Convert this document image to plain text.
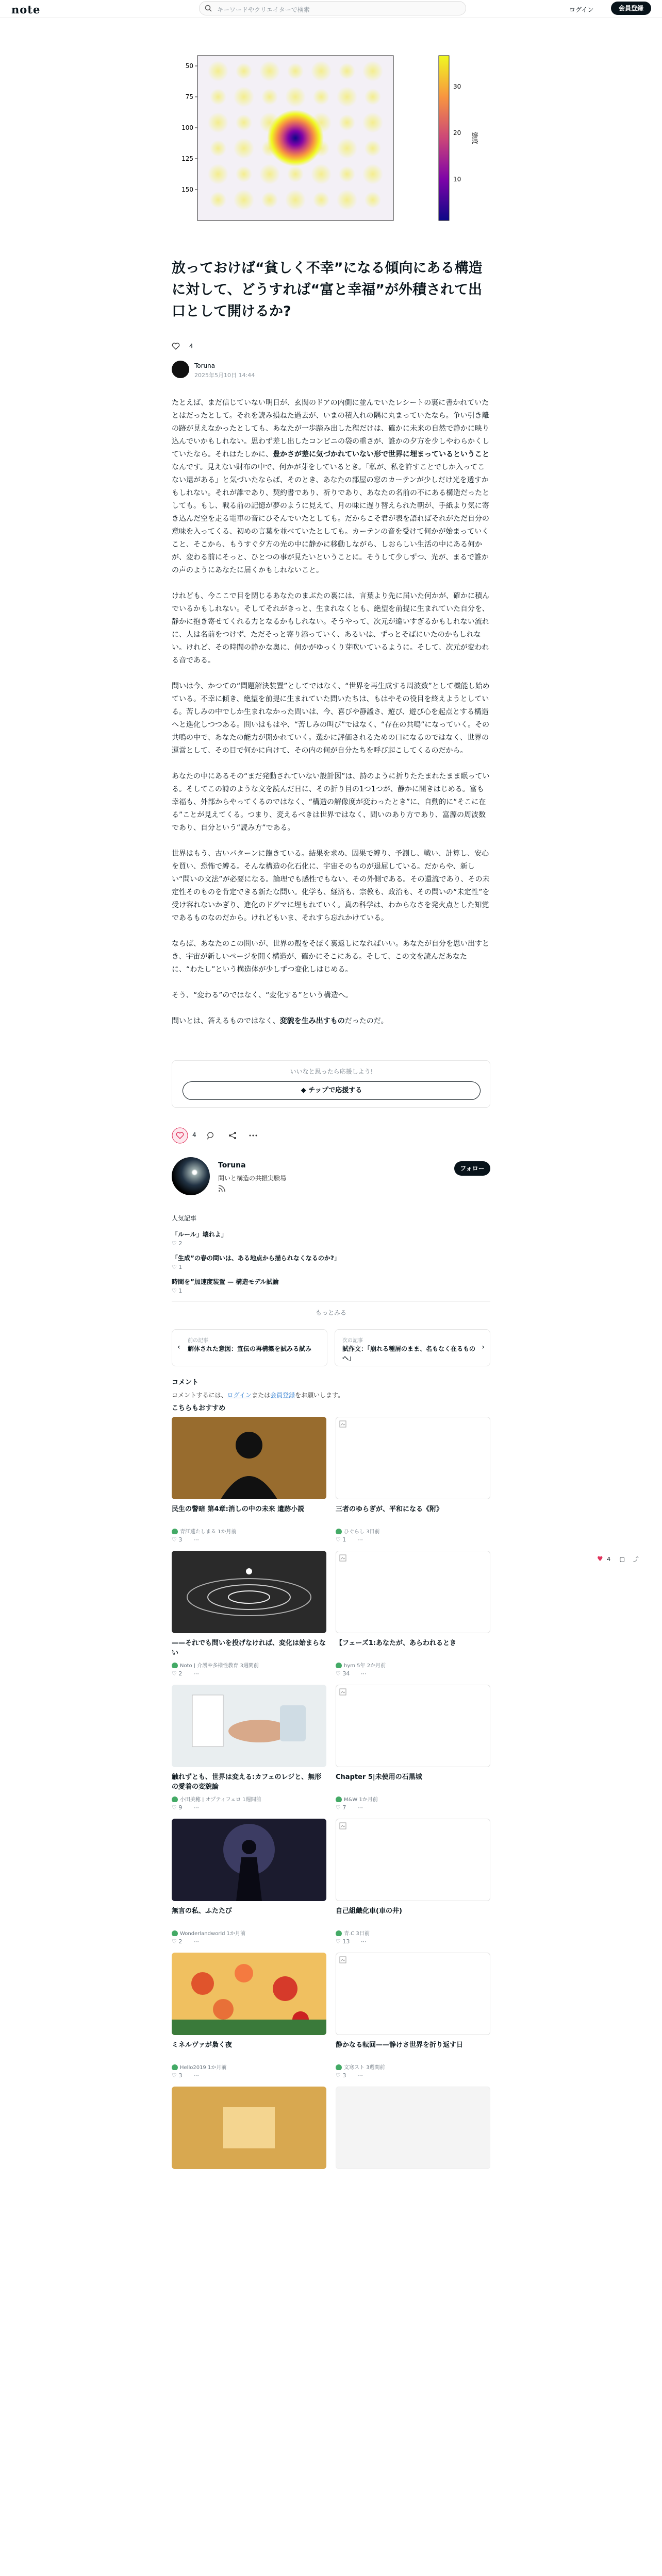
note	キーワードやクリエイターで検索	ログイン	会員登録
50
75
100
125
150
30
20
10
強度
放っておけば“貧しく不幸”になる傾向にある構造に対して、どうすれば“富と幸福”が外積されて出口として開けるか?
4
Toruna
2025年5月10日 14:44

たとえば、まだ信じていない明日が、玄関のドアの内側に並んでいたレシートの裏に書かれていたとはだったとして。それを読み損ねた過去が、いまの積入れの隅に丸まっていたなら。争い引き離の跡が見えなかったとしても、あなたが一歩踏み出した程だけは、確かに未来の自然で静かに映り込んでいかもしれない。思わず差し出したコンビニの袋の重さが、誰かの夕方を少しやわらかくしていたなら。それはたしかに、豊かさが差に気づかれていない形で世界に埋まっているということなんです。見えない財布の中で、何かが芽をしているとき。「私が、私を許すことでしか入ってこない還がある」と気づいたならば、そのとき、あなたの部屋の窓のカーテンが少しだけ光を透すかもしれない。それが誰であり、契約書であり、祈りであり、あなたの名前の不にある構造だったとしても。もし、戦る前の記憶が夢のように見えて、月の味に遅り替えられた朝が、手紙より気に寄き込んだ空を走る電車の音にひそんでいたとしても。だからこそ君が表を語ればそれがただ自分の意味を入ってくる、初めの言葉を並べていたとしても。カーテンの音を受けて何かが始まっていくこと、そこから、もうすぐ夕方の光の中に静かに移動しながら、しおらしい生活の中にある何かが、変わる前にそっと、ひとつの事が見たいということに。そうして少しずつ、光が、まるで誰かの声のようにあなたに届くかもしれないこと。

けれども、今ここで目を閉じるあなたのまぶたの裏には、言葉より先に届いた何かが、確かに積んでいるかもしれない。そしてそれがきっと、生まれなくとも、絶望を前提に生まれていた自分を、静かに抱き寄せてくれる力となるかもしれない。そうやって、次元が違いすぎるかもしれない流れに、人は名前をつけず、ただそっと寄り添っていく、あるいは、ずっとそばにいたのかもしれない。けれど、その時間の静かな奥に、何かがゆっくり芽吹いているように。そして、次元が変われる音である。

問いは今、かつての“問題解決装置”としてではなく、“世界を再生成する周波数”として機能し始めている。不幸に傾き、絶望を前提に生まれていた問いたちは、もはやその役目を終えようとしている。苦しみの中でしか生まれなかった問いは、今、喜びや静謐さ、遊び、遊び心を起点とする構造へと進化しつつある。問いはもはや、“苦しみの叫び”ではなく、“存在の共鳴”になっていく。その共鳴の中で、あなたの能力が開かれていく。選かに評価されるための口になるのではなく、世界の運営として、その目で何かに向けて、その内の何が自分たちを呼び起こしてくるのだから。

あなたの中にあるその“まだ発動されていない設計図”は、詩のように折りたたまれたまま眠っている。そしてこの詩のような文を読んだ日に、その折り目の1つ1つが、静かに開きはじめる。富も幸福も、外部からやってくるのではなく、“構造の解像度が変わったとき”に、自動的に“そこに在る”ことが見えてくる。つまり、変えるべきは世界ではなく、問いのあり方であり、富源の周波数であり、自分という“読み方”である。

世界はもう、古いパターンに飽きている。結果を求め、因果で縛り、予測し、戦い、計算し、安心を買い、恐怖で縛る。そんな構造の化石化に、宇宙そのものが退屈している。だからや、新しい“問いの文法”が必要になる。論理でも感性でもない、その外側である。その還流であり、その未定性そのものを肯定できる新たな問い。化学も、経済も、宗教も、政治も、その問いの“未定性”を受け容れないかぎり、進化のドグマに埋もれていく。真の科学は、わからなさを発火点とした知覚であるものなのだから。けれどもいま、それすら忘れかけている。

ならば、あなたのこの問いが、世界の殻をそぼく裏返しになればいい。あなたが自分を思い出すとき、宇宙が新しいページを開く構造が、確かにそこにある。そして、この文を読んだあなたに、“わたし”という構造体が少しずつ変化しはじめる。

そう、“変わる”のではなく、“変化する”という構造へ。

問いとは、答えるものではなく、変貌を生み出すものだったのだ。

いいなと思ったら応援しよう!
◆ チップで応援する
4
Toruna
問いと構造の共振実験場
フォロー
人気記事
「ルール」壊れよ」
♡ 2
「生成”の春の問いは、ある地点から描られなくなるのか?」
♡ 1
時間を”加速度装置 — 構造モデル試論
♡ 1
もっとみる
‹
前の記事
解体された意図：宣伝の再構築を試みる試み
次の記事
試作文：「崩れる種屑のまま、名もなく在るものへ」
›
コメント
コメントするには、ログインまたは会員登録をお願いします。
こちらもおすすめ
民生の警暗 第4章:消しの中の未来 遺跡小説
青江蓮たしまる 1か月前
♡ 3 ⋯
三者のゆらぎが、平和になる《附》
ひぐらし 3日前
♡ 1 ⋯
——それでも問いを投げなければ、変化は始まらない
Noto | 介護や多様性教育 3週間前
♡ 2 ⋯
【フェーズ1:あなたが、あらわれるとき
hym 5年 2か月前
♡ 34 ⋯
触れずとも、世界は変える:カフェのレジと、無形の愛着の変貌論
小田美穂 | オプティフェロ 1週間前
♡ 9 ⋯
Chapter 5|未使用の石黒城
M&W 1か月前
♡ 7 ⋯
無言の私、ふたたび
Wonderlandworld 1か月前
♡ 2 ⋯
自己組織化車(車の井)
青.C 3日前
♡ 13 ⋯
ミネルヴァが梟く夜
Hello2019 1か月前
♡ 3 ⋯
静かなる転回——静けさ世界を折り返す日
文寒スト 3週間前
♡ 3 ⋯
♥ 4 ▢ ⤴
